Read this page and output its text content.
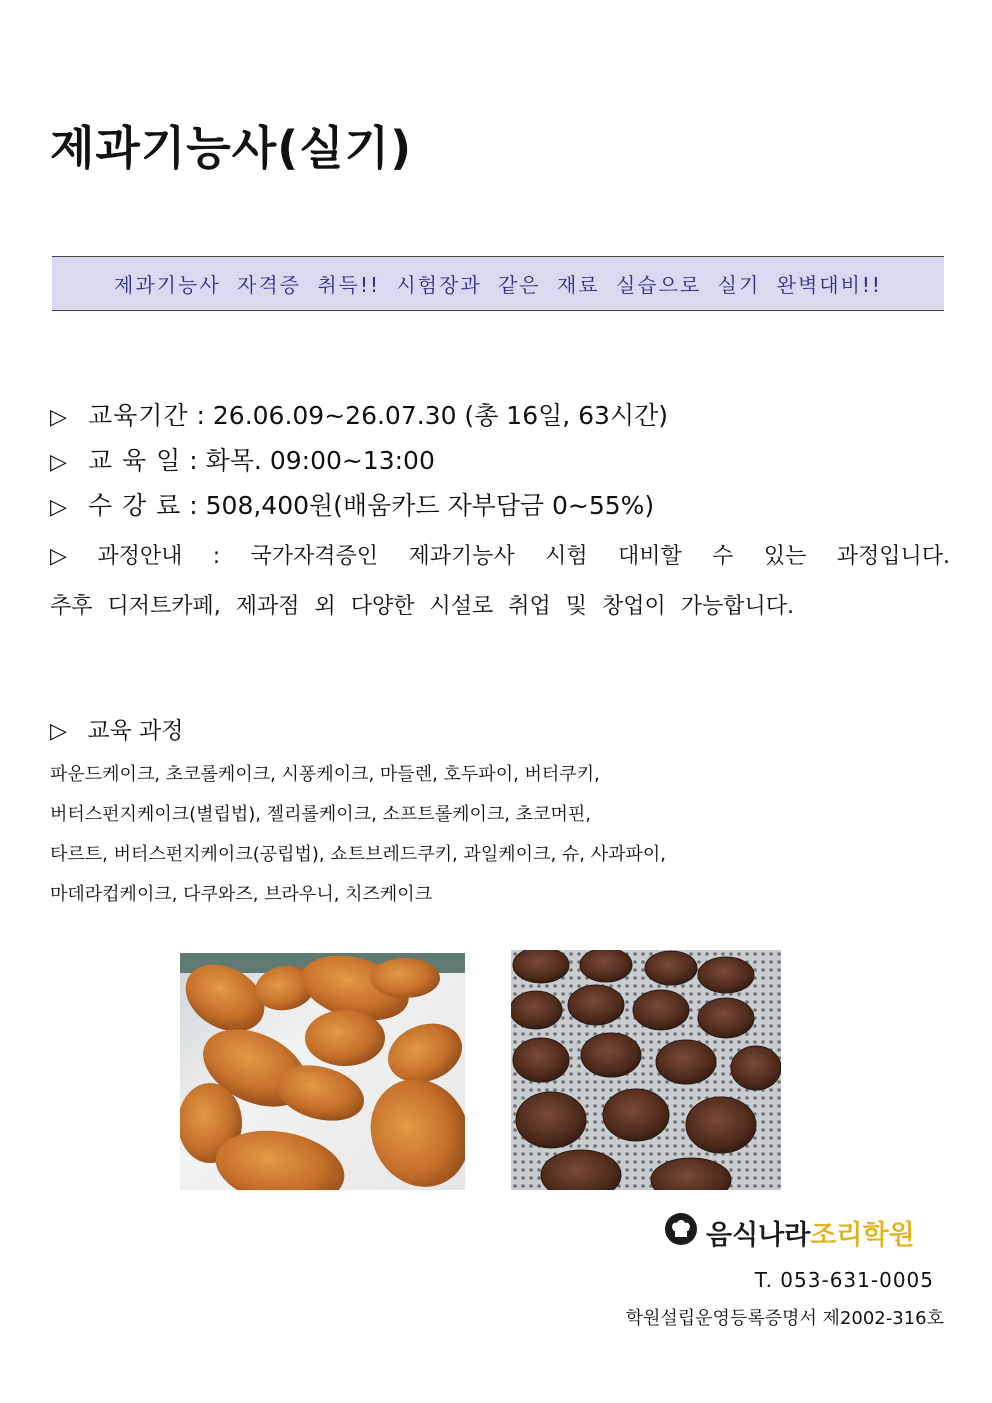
제과기능사(실기)
제과기능사 자격증 취득!! 시험장과 같은 재료 실습으로 실기 완벽대비!!
▷ 교육기간 : 26.06.09~26.07.30 (총 16일, 63시간)
▷ 교 육 일 : 화목. 09:00~13:00
▷ 수 강 료 : 508,400원(배움카드 자부담금 0~55%)
▷ 과정안내 : 국가자격증인 제과기능사 시험 대비할 수 있는 과정입니다.
추후 디저트카페, 제과점 외 다양한 시설로 취업 및 창업이 가능합니다.
▷ 교육 과정
파운드케이크, 초코롤케이크, 시퐁케이크, 마들렌, 호두파이, 버터쿠키,
버터스펀지케이크(별립법), 젤리롤케이크, 소프트롤케이크, 초코머핀,
타르트, 버터스펀지케이크(공립법), 쇼트브레드쿠키, 과일케이크, 슈, 사과파이,
마데라컵케이크, 다쿠와즈, 브라우니, 치즈케이크
음식나라 조리학원
T. 053-631-0005
학원설립운영등록증명서 제2002-316호
